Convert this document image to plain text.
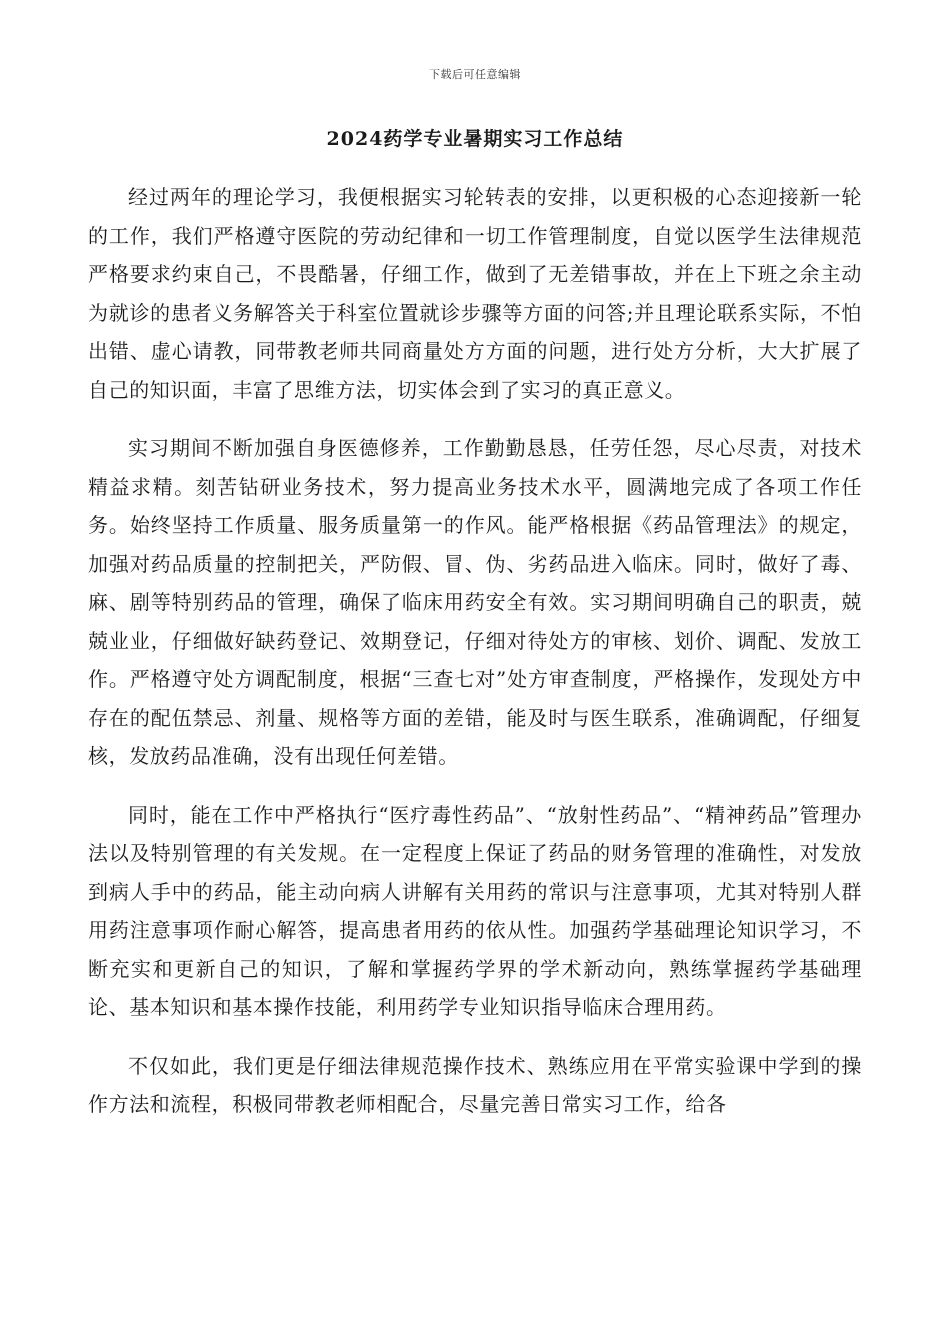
下载后可任意编辑
2024药学专业暑期实习工作总结

经过两年的理论学习，我便根据实习轮转表的安排，以更积极的心态迎接新一轮的工作，我们严格遵守医院的劳动纪律和一切工作管理制度，自觉以医学生法律规范严格要求约束自己，不畏酷暑，仔细工作，做到了无差错事故，并在上下班之余主动为就诊的患者义务解答关于科室位置就诊步骤等方面的问答;并且理论联系实际，不怕出错、虚心请教，同带教老师共同商量处方方面的问题，进行处方分析，大大扩展了自己的知识面，丰富了思维方法，切实体会到了实习的真正意义。

实习期间不断加强自身医德修养，工作勤勤恳恳，任劳任怨，尽心尽责，对技术精益求精。刻苦钻研业务技术，努力提高业务技术水平，圆满地完成了各项工作任务。始终坚持工作质量、服务质量第一的作风。能严格根据《药品管理法》的规定，加强对药品质量的控制把关，严防假、冒、伪、劣药品进入临床。同时，做好了毒、麻、剧等特别药品的管理，确保了临床用药安全有效。实习期间明确自己的职责，兢兢业业，仔细做好缺药登记、效期登记，仔细对待处方的审核、划价、调配、发放工作。严格遵守处方调配制度，根据“三查七对”处方审查制度，严格操作，发现处方中存在的配伍禁忌、剂量、规格等方面的差错，能及时与医生联系，准确调配，仔细复核，发放药品准确，没有出现任何差错。

同时，能在工作中严格执行“医疗毒性药品”、“放射性药品”、“精神药品”管理办法以及特别管理的有关发规。在一定程度上保证了药品的财务管理的准确性，对发放到病人手中的药品，能主动向病人讲解有关用药的常识与注意事项，尤其对特别人群用药注意事项作耐心解答，提高患者用药的依从性。加强药学基础理论知识学习，不断充实和更新自己的知识，了解和掌握药学界的学术新动向，熟练掌握药学基础理论、基本知识和基本操作技能，利用药学专业知识指导临床合理用药。

不仅如此，我们更是仔细法律规范操作技术、熟练应用在平常实验课中学到的操作方法和流程，积极同带教老师相配合，尽量完善日常实习工作，给各
